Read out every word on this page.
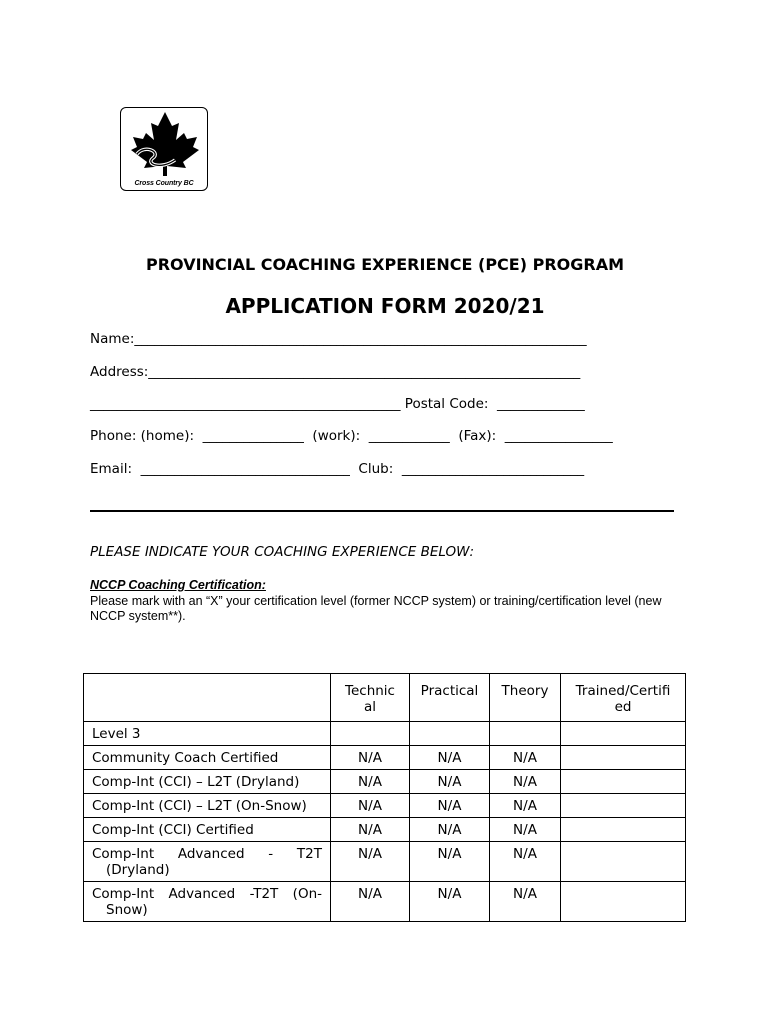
Cross Country BC
PROVINCIAL COACHING EXPERIENCE (PCE) PROGRAM
APPLICATION FORM 2020/21
Name:___________________________________________________________________
Address:________________________________________________________________
______________________________________________ Postal Code:  _____________
Phone: (home):  _______________  (work):  ____________  (Fax):  ________________
Email:  _______________________________  Club:  ___________________________
PLEASE INDICATE YOUR COACHING EXPERIENCE BELOW:
NCCP Coaching Certification:
Please mark with an “X” your certification level (former NCCP system) or training/certification level (new NCCP system**).

	Technic
al	Practical	Theory	Trained/Certifi
ed

Level 3				
Community Coach Certified	N/A	N/A	N/A	
Comp-Int (CCI) – L2T (Dryland)	N/A	N/A	N/A	
Comp-Int (CCI) – L2T (On-Snow)	N/A	N/A	N/A	
Comp-Int (CCI) Certified	N/A	N/A	N/A	

Comp-Int Advanced - T2T
(Dryland)	N/A	N/A	N/A	

Comp-Int Advanced -T2T (On-
Snow)	N/A	N/A	N/A	
